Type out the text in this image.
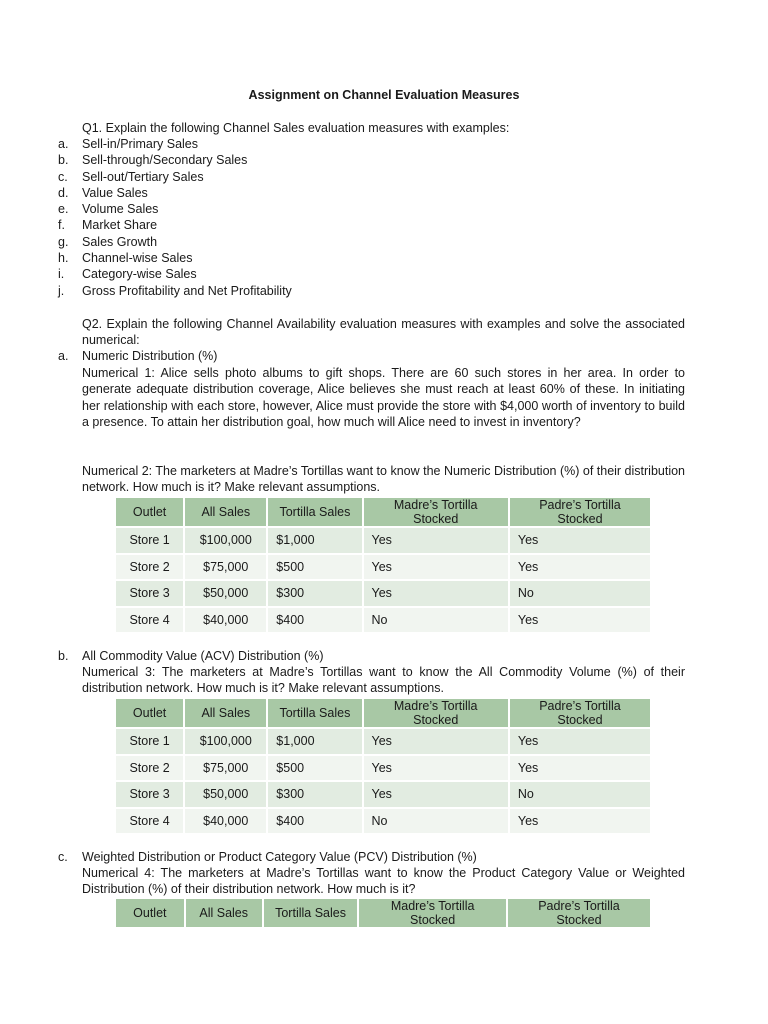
Assignment on Channel Evaluation Measures
Q1. Explain the following Channel Sales evaluation measures with examples:
a.	Sell-in/Primary Sales
b.	Sell-through/Secondary Sales
c.	Sell-out/Tertiary Sales
d.	Value Sales
e.	Volume Sales
f.	Market Share
g.	Sales Growth
h.	Channel-wise Sales
i.	Category-wise Sales
j.	Gross Profitability and Net Profitability
Q2. Explain the following Channel Availability evaluation measures with examples and solve the associated numerical:
a. Numeric Distribution (%)
Numerical 1: Alice sells photo albums to gift shops. There are 60 such stores in her area. In order to generate adequate distribution coverage, Alice believes she must reach at least 60% of these. In initiating her relationship with each store, however, Alice must provide the store with $4,000 worth of inventory to build a presence. To attain her distribution goal, how much will Alice need to invest in inventory?
Numerical 2: The marketers at Madre’s Tortillas want to know the Numeric Distribution (%) of their distribution network. How much is it? Make relevant assumptions.
Outlet	All Sales	Tortilla Sales	Madre’s Tortilla Stocked	Padre’s Tortilla Stocked
Store 1	$100,000	$1,000	Yes	Yes
Store 2	$75,000	$500	Yes	Yes
Store 3	$50,000	$300	Yes	No
Store 4	$40,000	$400	No	Yes
b. All Commodity Value (ACV) Distribution (%)
Numerical 3: The marketers at Madre’s Tortillas want to know the All Commodity Volume (%) of their distribution network. How much is it? Make relevant assumptions.
Outlet	All Sales	Tortilla Sales	Madre’s Tortilla Stocked	Padre’s Tortilla Stocked
Store 1	$100,000	$1,000	Yes	Yes
Store 2	$75,000	$500	Yes	Yes
Store 3	$50,000	$300	Yes	No
Store 4	$40,000	$400	No	Yes
c. Weighted Distribution or Product Category Value (PCV) Distribution (%)
Numerical 4: The marketers at Madre’s Tortillas want to know the Product Category Value or Weighted Distribution (%) of their distribution network. How much is it?
Outlet	All Sales	Tortilla Sales	Madre’s Tortilla Stocked	Padre’s Tortilla Stocked
